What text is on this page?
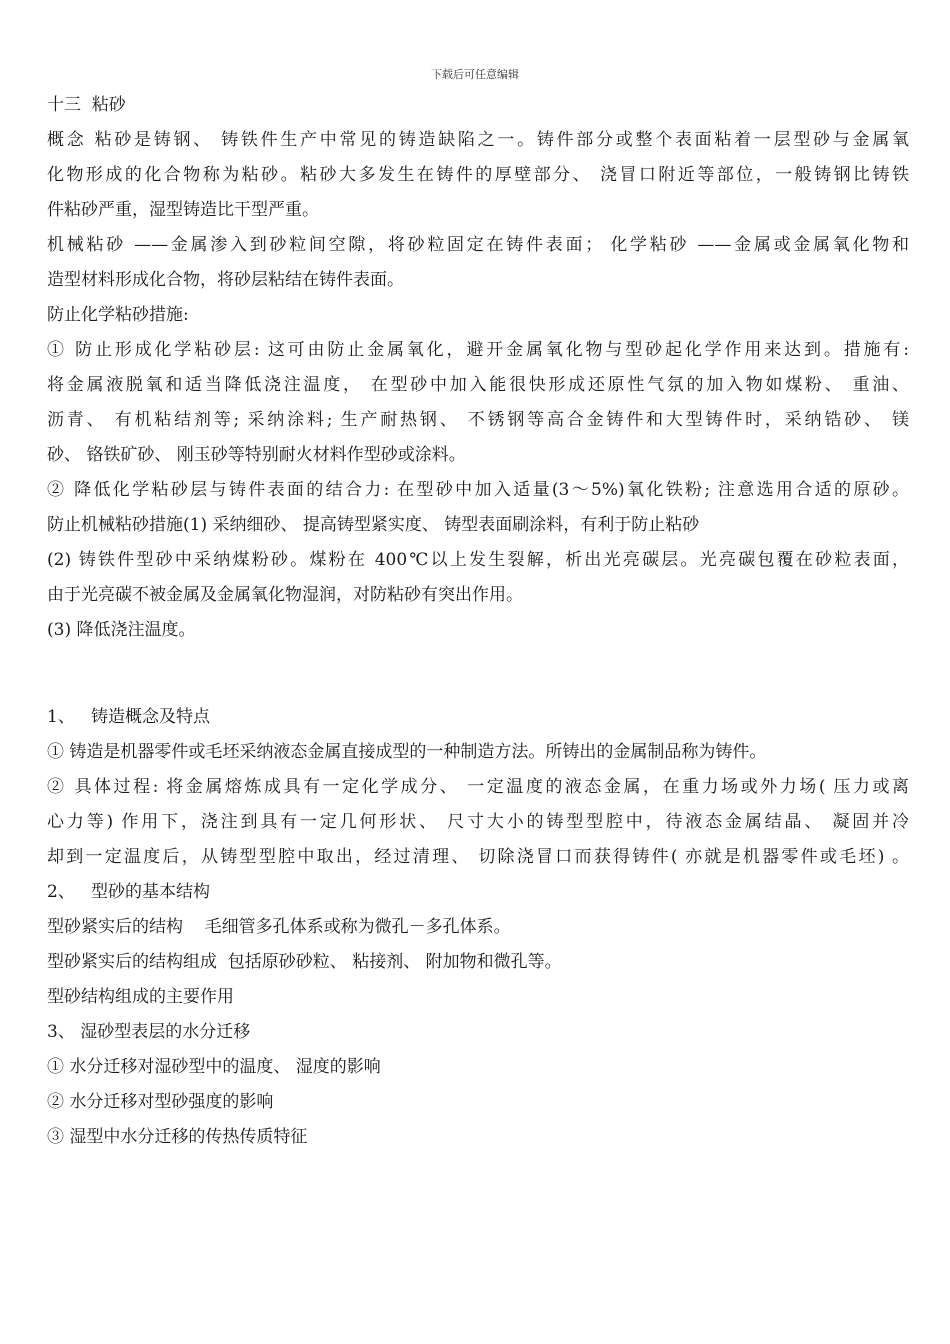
下载后可任意编辑
十三  粘砂
概念 粘砂是铸钢、 铸铁件生产中常见的铸造缺陷之一。铸件部分或整个表面粘着一层型砂与金属氧
化物形成的化合物称为粘砂。粘砂大多发生在铸件的厚壁部分、 浇冒口附近等部位，一般铸钢比铸铁
件粘砂严重，湿型铸造比干型严重。
机械粘砂 ——金属渗入到砂粒间空隙，将砂粒固定在铸件表面； 化学粘砂 ——金属或金属氧化物和
造型材料形成化合物，将砂层粘结在铸件表面。
防止化学粘砂措施:
① 防止形成化学粘砂层: 这可由防止金属氧化，避开金属氧化物与型砂起化学作用来达到。措施有:
将金属液脱氧和适当降低浇注温度， 在型砂中加入能很快形成还原性气氛的加入物如煤粉、 重油、
沥青、 有机粘结剂等; 采纳涂料; 生产耐热钢、 不锈钢等高合金铸件和大型铸件时，采纳锆砂、 镁
砂、 铬铁矿砂、 刚玉砂等特别耐火材料作型砂或涂料。
② 降低化学粘砂层与铸件表面的结合力: 在型砂中加入适量(3～5%)氧化铁粉; 注意选用合适的原砂。
防止机械粘砂措施(1) 采纳细砂、 提高铸型紧实度、 铸型表面刷涂料，有利于防止粘砂
(2) 铸铁件型砂中采纳煤粉砂。煤粉在 400℃以上发生裂解，析出光亮碳层。光亮碳包覆在砂粒表面，
由于光亮碳不被金属及金属氧化物湿润，对防粘砂有突出作用。
(3) 降低浇注温度。
1、   铸造概念及特点
① 铸造是机器零件或毛坯采纳液态金属直接成型的一种制造方法。所铸出的金属制品称为铸件。
② 具体过程: 将金属熔炼成具有一定化学成分、 一定温度的液态金属，在重力场或外力场( 压力或离
心力等) 作用下，浇注到具有一定几何形状、 尺寸大小的铸型型腔中，待液态金属结晶、 凝固并冷
却到一定温度后，从铸型型腔中取出，经过清理、 切除浇冒口而获得铸件( 亦就是机器零件或毛坯) 。
2、   型砂的基本结构
型砂紧实后的结构    毛细管多孔体系或称为微孔－多孔体系。
型砂紧实后的结构组成  包括原砂砂粒、 粘接剂、 附加物和微孔等。
型砂结构组成的主要作用
3、 湿砂型表层的水分迁移
① 水分迁移对湿砂型中的温度、 湿度的影响
② 水分迁移对型砂强度的影响
③ 湿型中水分迁移的传热传质特征
